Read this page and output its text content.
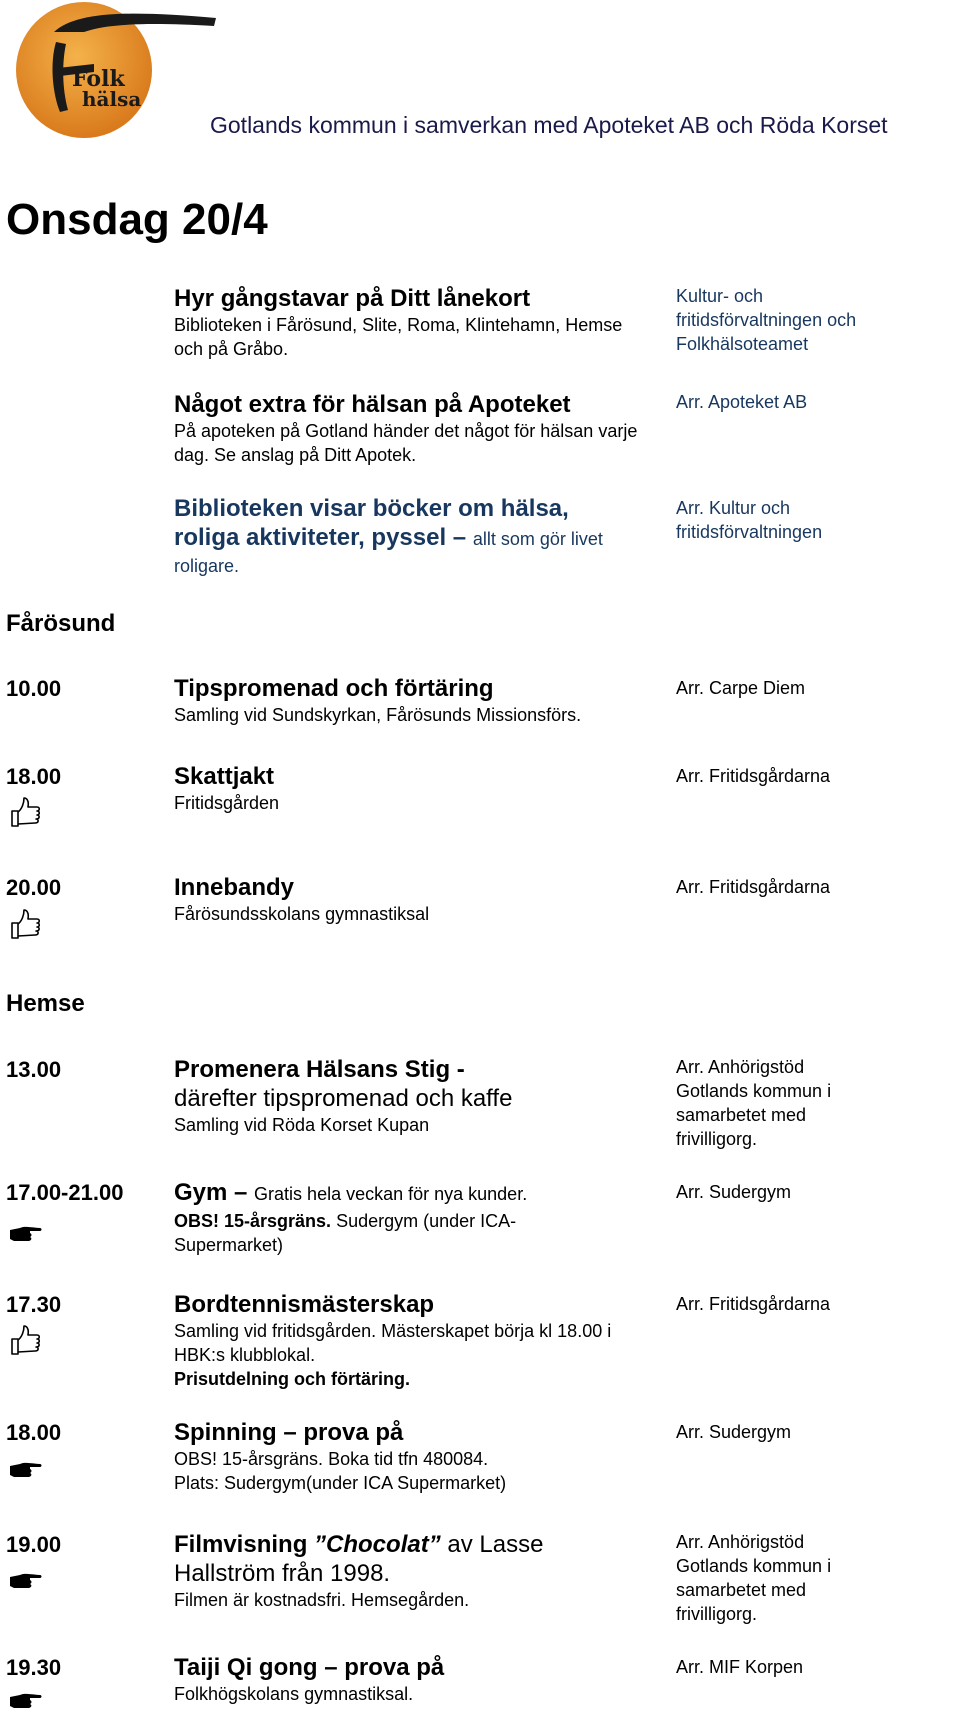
Folk
hälsa
Gotlands kommun i samverkan med Apoteket AB och Röda Korset
Onsdag 20/4
Hyr gångstavar på Ditt lånekort
Biblioteken i Fårösund, Slite, Roma, Klintehamn, Hemse och på Gråbo.
Kultur- och fritidsförvaltningen och Folkhälsoteamet
Något extra för hälsan på Apoteket
På apoteken på Gotland händer det något för hälsan varje dag. Se anslag på Ditt Apotek.
Arr. Apoteket AB
Biblioteken visar böcker om hälsa,
roliga aktiviteter, pyssel – allt som gör livet
roligare.
Arr. Kultur och fritidsförvaltningen
Fårösund
10.00	Tipspromenad och förtäring
Samling vid Sundskyrkan, Fårösunds Missionsförs.
Arr. Carpe Diem
18.00	Skattjakt
Fritidsgården
Arr. Fritidsgårdarna
20.00	Innebandy
Fårösundsskolans gymnastiksal
Arr. Fritidsgårdarna
Hemse
13.00	Promenera Hälsans Stig -
därefter tipspromenad och kaffe
Samling vid Röda Korset Kupan
Arr. Anhörigstöd Gotlands kommun i samarbetet med frivilligorg.
17.00-21.00 Gym – Gratis hela veckan för nya kunder.
OBS! 15-årsgräns. Sudergym (under ICA-Supermarket)
Arr. Sudergym
17.30	Bordtennismästerskap
Samling vid fritidsgården. Mästerskapet börja kl 18.00 i HBK:s klubblokal.
Prisutdelning och förtäring.
Arr. Fritidsgårdarna
18.00	Spinning – prova på
OBS! 15-årsgräns. Boka tid tfn 480084.
Plats: Sudergym(under ICA Supermarket)
Arr. Sudergym
19.00	Filmvisning ”Chocolat” av Lasse
Hallström från 1998.
Filmen är kostnadsfri. Hemsegården.
Arr. Anhörigstöd Gotlands kommun i samarbetet med frivilligorg.
19.30	Taiji Qi gong – prova på
Folkhögskolans gymnastiksal.
Arr. MIF Korpen
